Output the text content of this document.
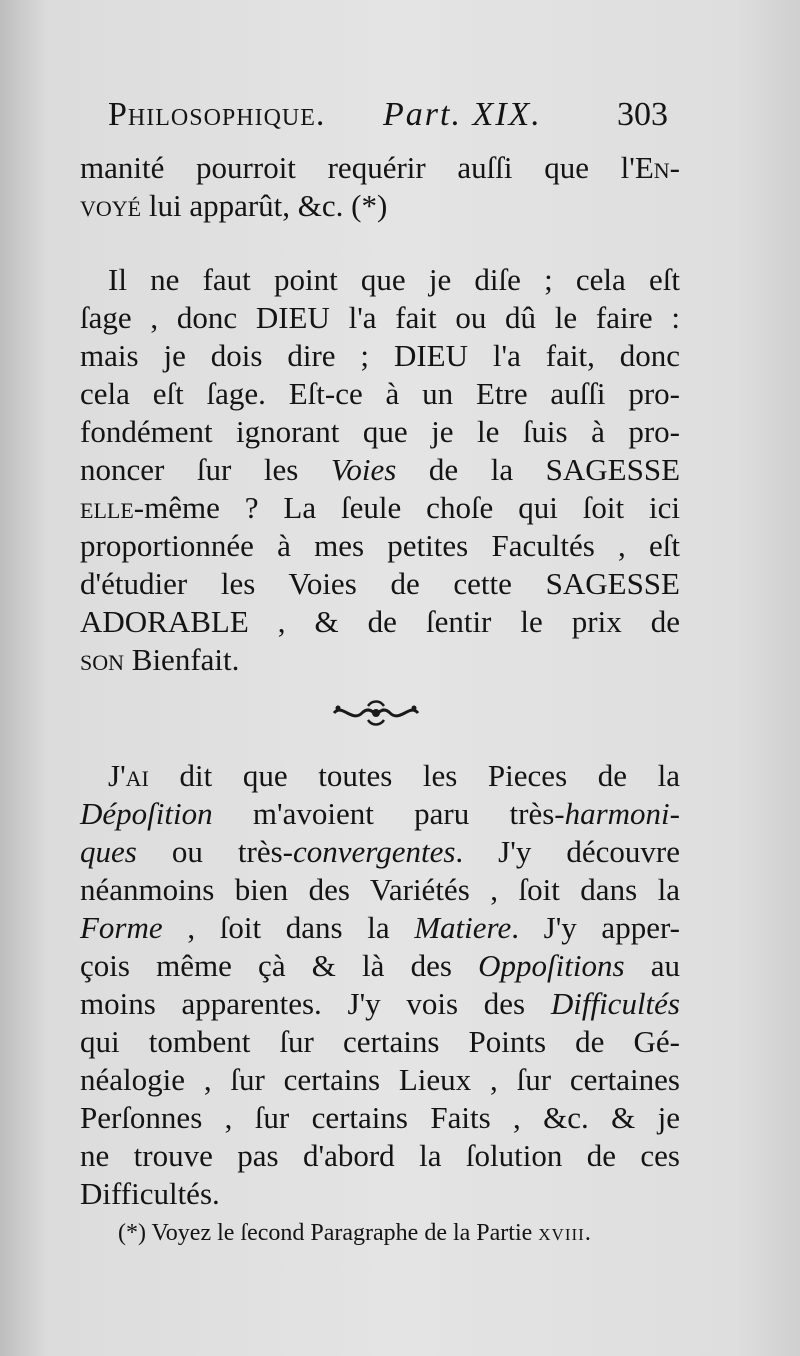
Philosophique. Part. XIX. 303
manité pourroit requérir auſſi que l'En-
voyé lui apparût, &c. (*)
Il ne faut point que je diſe ; cela eſt
ſage , donc DIEU l'a fait ou dû le faire :
mais je dois dire ; DIEU l'a fait, donc
cela eſt ſage. Eſt-ce à un Etre auſſi pro-
fondément ignorant que je le ſuis à pro-
noncer ſur les Voies de la SAGESSE
elle-même ? La ſeule choſe qui ſoit ici
proportionnée à mes petites Facultés , eſt
d'étudier les Voies de cette SAGESSE
ADORABLE , & de ſentir le prix de
son Bienfait.
J'ai dit que toutes les Pieces de la
Dépoſition m'avoient paru très-harmoni-
ques ou très-convergentes. J'y découvre
néanmoins bien des Variétés , ſoit dans la
Forme , ſoit dans la Matiere. J'y apper-
çois même çà & là des Oppoſitions au
moins apparentes. J'y vois des Difficultés
qui tombent ſur certains Points de Gé-
néalogie , ſur certains Lieux , ſur certaines
Perſonnes , ſur certains Faits , &c. & je
ne trouve pas d'abord la ſolution de ces
Difficultés.
(*) Voyez le ſecond Paragraphe de la Partie xviii.
